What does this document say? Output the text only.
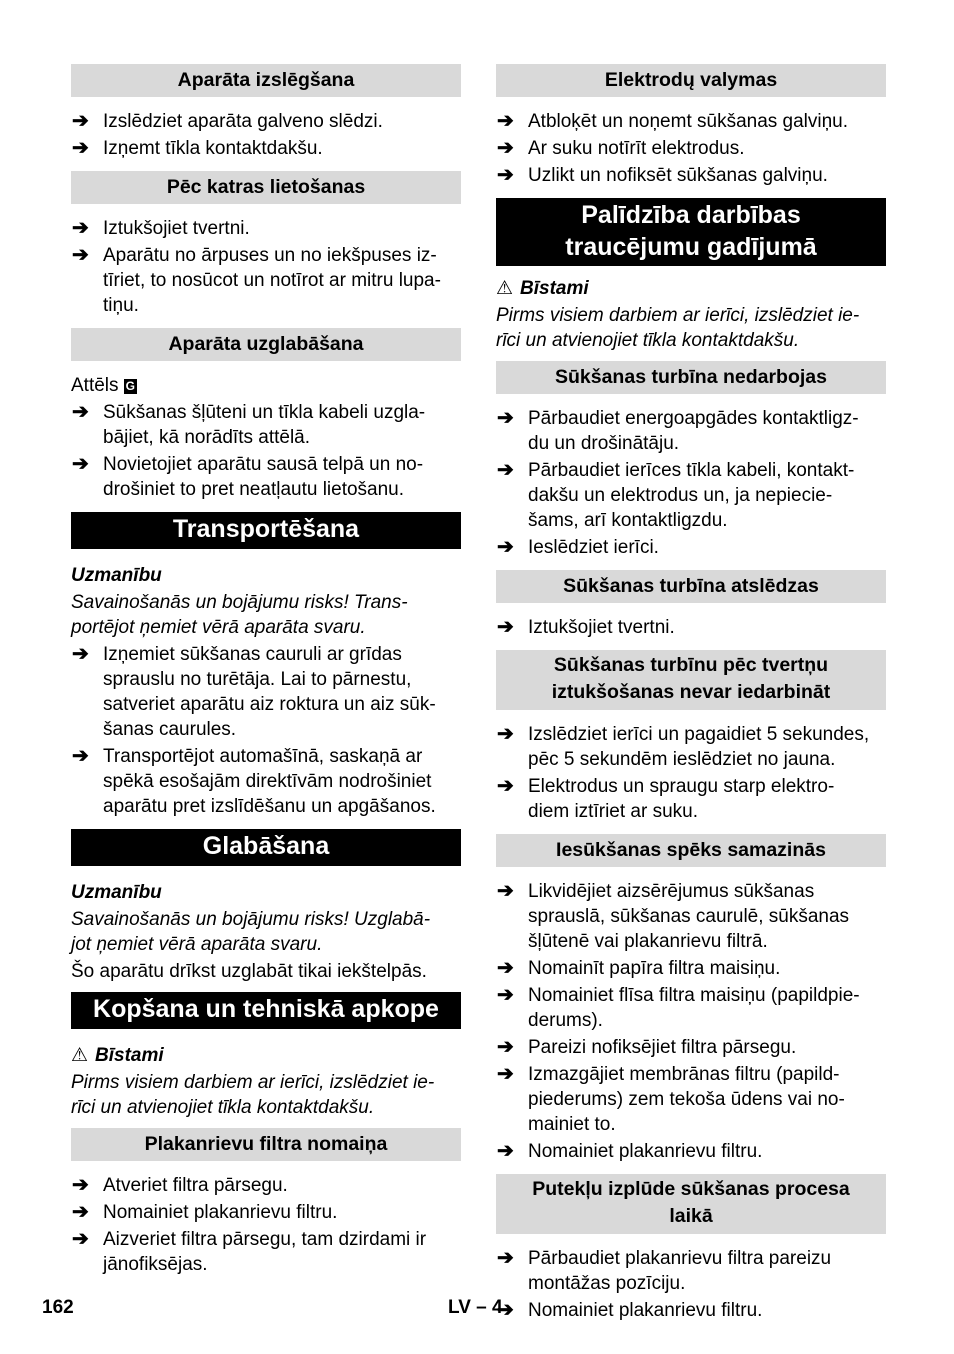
Aparāta izslēgšana
➔ Izslēdziet aparāta galveno slēdzi.
➔ Izņemt tīkla kontaktdakšu.
Pēc katras lietošanas
➔ Iztukšojiet tvertni.
➔ Aparātu no ārpuses un no iekšpuses iz-
tīriet, to nosūcot un notīrot ar mitru lupa-
tiņu.
Aparāta uzglabāšana

Attēls G

➔ Sūkšanas šļūteni un tīkla kabeli uzgla-
bājiet, kā norādīts attēlā.
➔ Novietojiet aparātu sausā telpā un no-
drošiniet to pret neatļautu lietošanu.
Transportēšana

Uzmanību

Savainošanās un bojājumu risks! Trans-
portējot ņemiet vērā aparāta svaru.

➔ Izņemiet sūkšanas cauruli ar grīdas
sprauslu no turētāja. Lai to pārnestu,
satveriet aparātu aiz roktura un aiz sūk-
šanas caurules.
➔ Transportējot automašīnā, saskaņā ar
spēkā esošajām direktīvām nodrošiniet
aparātu pret izslīdēšanu un apgāšanos.
Glabāšana

Uzmanību

Savainošanās un bojājumu risks! Uzglabā-
jot ņemiet vērā aparāta svaru.

Šo aparātu drīkst uzglabāt tikai iekštelpās.

Kopšana un tehniskā apkope

⚠ Bīstami

Pirms visiem darbiem ar ierīci, izslēdziet ie-
rīci un atvienojiet tīkla kontaktdakšu.

Plakanrievu filtra nomaiņa
➔ Atveriet filtra pārsegu.
➔ Nomainiet plakanrievu filtru.
➔ Aizveriet filtra pārsegu, tam dzirdami ir
jānofiksējas.
Elektrodų valymas
➔ Atbloķēt un noņemt sūkšanas galviņu.
➔ Ar suku notīrīt elektrodus.
➔ Uzlikt un nofiksēt sūkšanas galviņu.
Palīdzība darbības
traucējumu gadījumā

⚠ Bīstami

Pirms visiem darbiem ar ierīci, izslēdziet ie-
rīci un atvienojiet tīkla kontaktdakšu.

Sūkšanas turbīna nedarbojas
➔ Pārbaudiet energoapgādes kontaktligz-
du un drošinātāju.
➔ Pārbaudiet ierīces tīkla kabeli, kontakt-
dakšu un elektrodus un, ja nepiecie-
šams, arī kontaktligzdu.
➔ Ieslēdziet ierīci.
Sūkšanas turbīna atslēdzas
➔ Iztukšojiet tvertni.
Sūkšanas turbīnu pēc tvertņu
iztukšošanas nevar iedarbināt
➔ Izslēdziet ierīci un pagaidiet 5 sekundes,
pēc 5 sekundēm ieslēdziet no jauna.
➔ Elektrodus un spraugu starp elektro-
diem iztīriet ar suku.
Iesūkšanas spēks samazinās
➔ Likvidējiet aizsērējumus sūkšanas
sprauslā, sūkšanas caurulē, sūkšanas
šļūtenē vai plakanrievu filtrā.
➔ Nomainīt papīra filtra maisiņu.
➔ Nomainiet flīsa filtra maisiņu (papildpie-
derums).
➔ Pareizi nofiksējiet filtra pārsegu.
➔ Izmazgājiet membrānas filtru (papild-
piederums) zem tekoša ūdens vai no-
mainiet to.
➔ Nomainiet plakanrievu filtru.
Putekļu izplūde sūkšanas procesa
laikā
➔ Pārbaudiet plakanrievu filtra pareizu
montāžas pozīciju.
➔ Nomainiet plakanrievu filtru.
162	LV – 4
